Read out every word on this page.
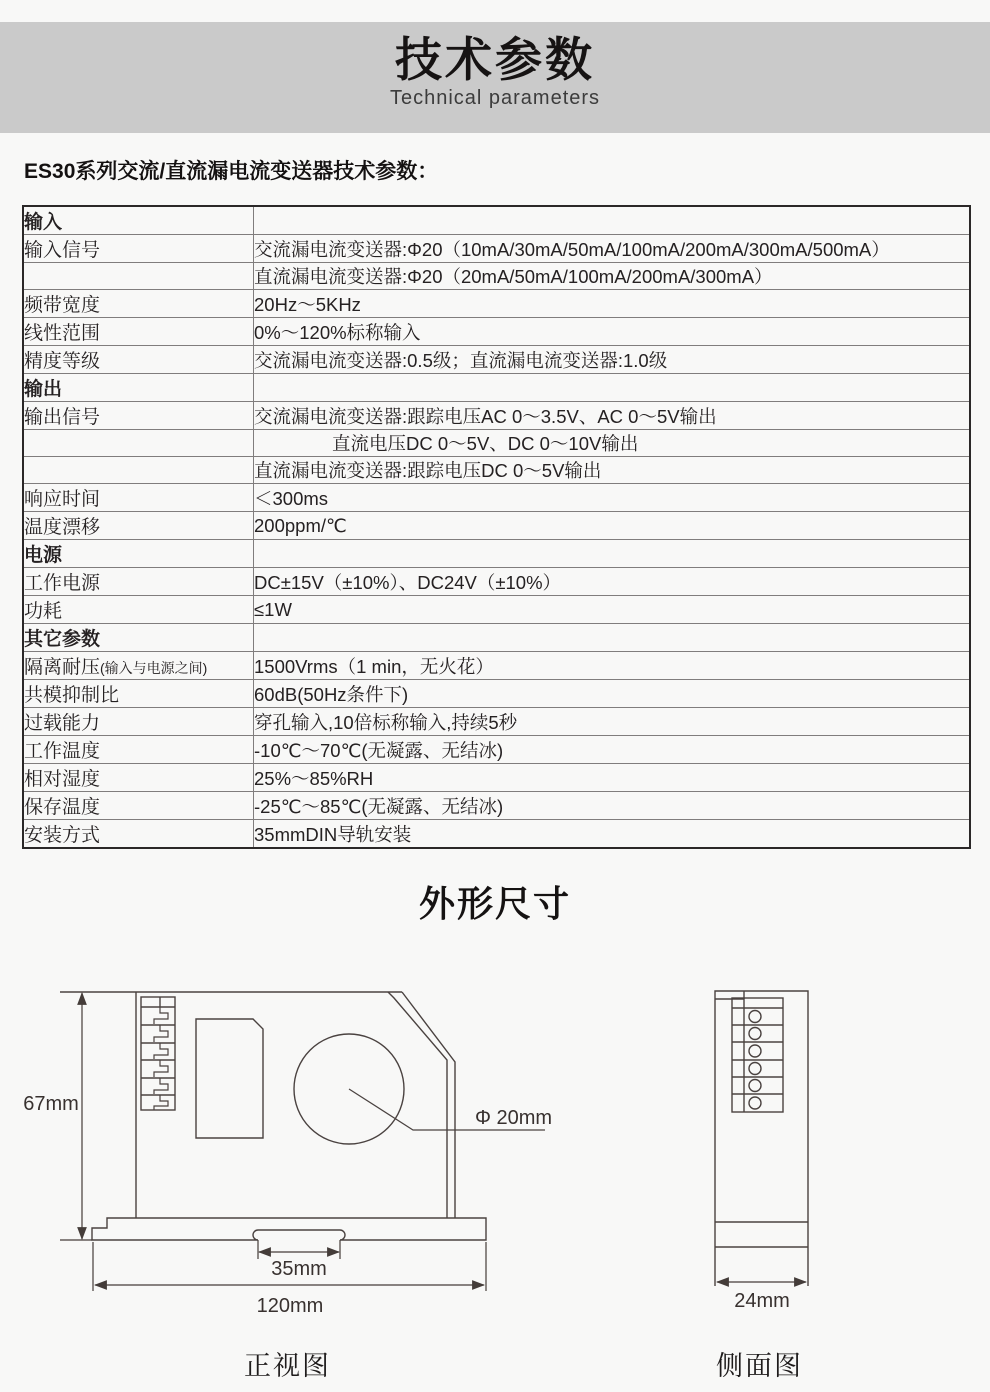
技术参数
Technical parameters
ES30系列交流/直流漏电流变送器技术参数：
输入	
输入信号	交流漏电流变送器:Φ20（10mA/30mA/50mA/100mA/200mA/300mA/500mA）
	直流漏电流变送器:Φ20（20mA/50mA/100mA/200mA/300mA）
频带宽度	20Hz～5KHz
线性范围	0%～120%标称输入
精度等级	交流漏电流变送器:0.5级；直流漏电流变送器:1.0级
输出	
输出信号	交流漏电流变送器:跟踪电压AC 0～3.5V、AC 0～5V输出
	直流电压DC 0～5V、DC 0～10V输出
	直流漏电流变送器:跟踪电压DC 0～5V输出
响应时间	＜300ms
温度漂移	200ppm/℃
电源	
工作电源	DC±15V（±10%）、DC24V（±10%）
功耗	≤1W
其它参数	
隔离耐压(输入与电源之间)	1500Vrms（1 min，无火花）
共模抑制比	60dB(50Hz条件下)
过载能力	穿孔输入,10倍标称输入,持续5秒
工作温度	-10℃～70℃(无凝露、无结冰)
相对湿度	25%～85%RH
保存温度	-25℃～85℃(无凝露、无结冰)
安装方式	35mmDIN导轨安装
外形尺寸
67mm
Φ 20mm
35mm
120mm	24mm
正视图	侧面图
